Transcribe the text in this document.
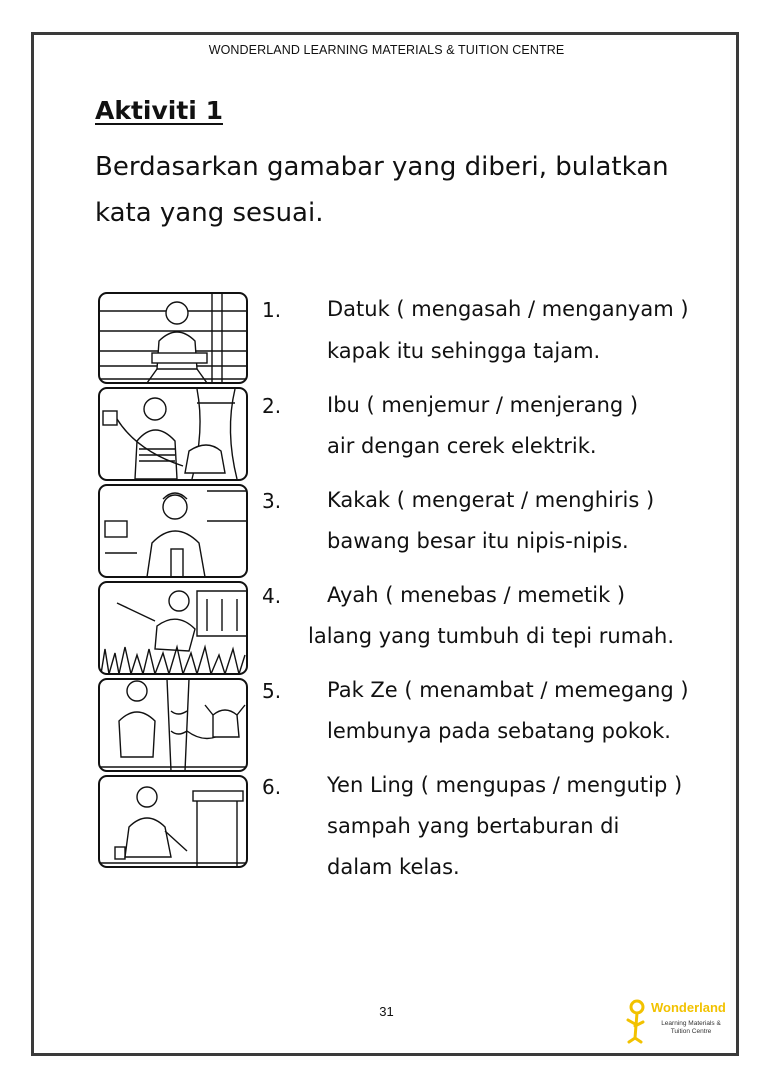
WONDERLAND LEARNING MATERIALS & TUITION CENTRE
Aktiviti 1
Berdasarkan gamabar yang diberi, bulatkan
kata yang sesuai.
1. Datuk ( mengasah / menganyam )
kapak itu sehingga tajam.
2. Ibu ( menjemur / menjerang )
air dengan cerek elektrik.
3. Kakak ( mengerat / menghiris )
bawang besar itu nipis-nipis.
4. Ayah ( menebas / memetik )
lalang yang tumbuh di tepi rumah.
5. Pak Ze ( menambat / memegang )
lembunya pada sebatang pokok.
6. Yen Ling ( mengupas / mengutip )
sampah yang bertaburan di
dalam kelas.
31	Wonderland
Learning Materials &
Tuition Centre
